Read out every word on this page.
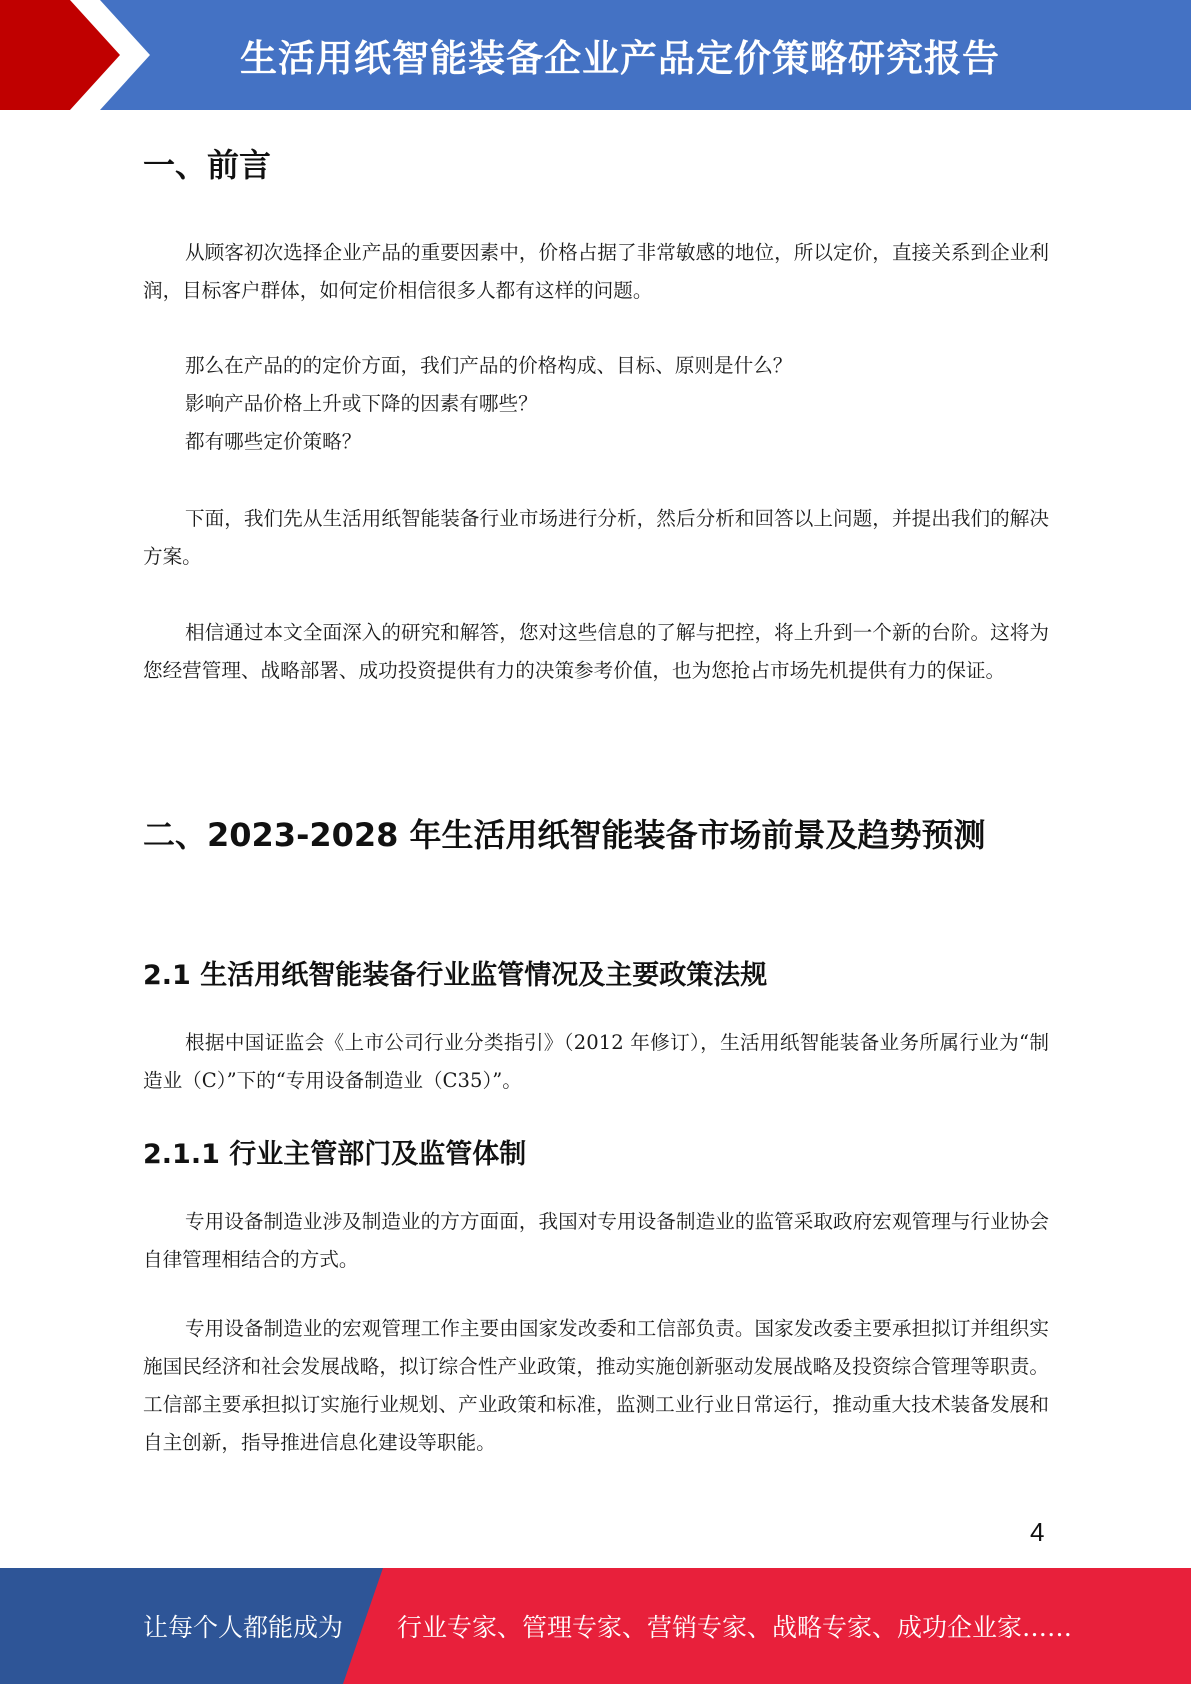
生活用纸智能装备企业产品定价策略研究报告
一、前言

从顾客初次选择企业产品的重要因素中，价格占据了非常敏感的地位，所以定价，直接关系到企业利润，目标客户群体，如何定价相信很多人都有这样的问题。

那么在产品的的定价方面，我们产品的价格构成、目标、原则是什么？
影响产品价格上升或下降的因素有哪些？
都有哪些定价策略？

下面，我们先从生活用纸智能装备行业市场进行分析，然后分析和回答以上问题，并提出我们的解决方案。

相信通过本文全面深入的研究和解答，您对这些信息的了解与把控，将上升到一个新的台阶。这将为您经营管理、战略部署、成功投资提供有力的决策参考价值，也为您抢占市场先机提供有力的保证。

二、2023-2028 年生活用纸智能装备市场前景及趋势预测
2.1 生活用纸智能装备行业监管情况及主要政策法规

根据中国证监会《上市公司行业分类指引》（2012 年修订），生活用纸智能装备业务所属行业为“制造业（C）”下的“专用设备制造业（C35）”。

2.1.1 行业主管部门及监管体制

专用设备制造业涉及制造业的方方面面，我国对专用设备制造业的监管采取政府宏观管理与行业协会自律管理相结合的方式。

专用设备制造业的宏观管理工作主要由国家发改委和工信部负责。国家发改委主要承担拟订并组织实施国民经济和社会发展战略，拟订综合性产业政策，推动实施创新驱动发展战略及投资综合管理等职责。工信部主要承担拟订实施行业规划、产业政策和标准，监测工业行业日常运行，推动重大技术装备发展和自主创新，指导推进信息化建设等职能。

4
让每个人都能成为 行业专家、管理专家、营销专家、战略专家、成功企业家……
